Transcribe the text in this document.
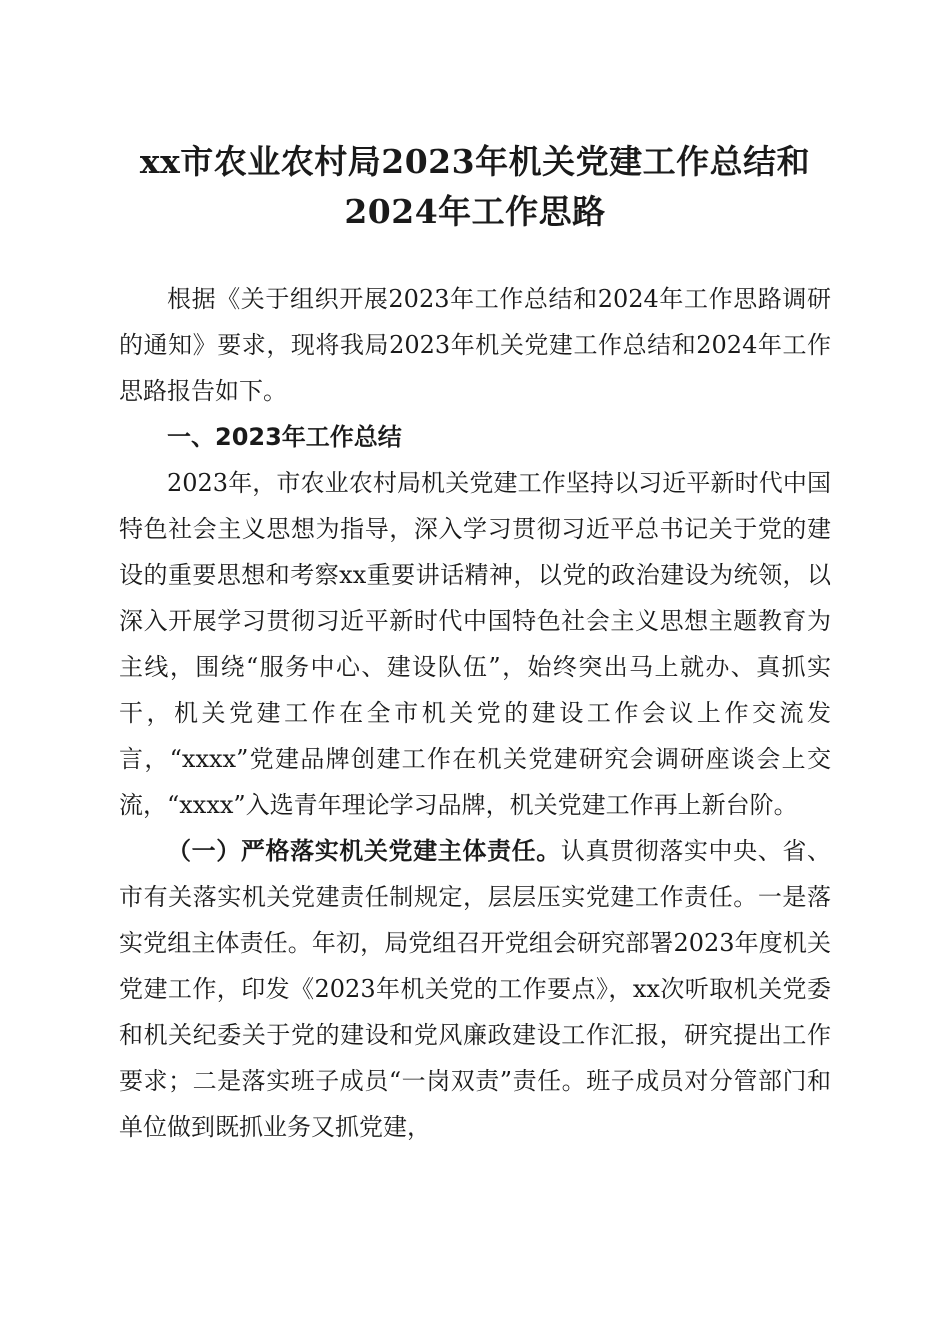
xx市农业农村局2023年机关党建工作总结和
2024年工作思路

根据《关于组织开展2023年工作总结和2024年工作思路调研的通知》要求，现将我局2023年机关党建工作总结和2024年工作思路报告如下。

一、2023年工作总结

2023年，市农业农村局机关党建工作坚持以习近平新时代中国特色社会主义思想为指导，深入学习贯彻习近平总书记关于党的建设的重要思想和考察xx重要讲话精神，以党的政治建设为统领，以深入开展学习贯彻习近平新时代中国特色社会主义思想主题教育为主线，围绕“服务中心、建设队伍”，始终突出马上就办、真抓实干，机关党建工作在全市机关党的建设工作会议上作交流发言，“xxxx”党建品牌创建工作在机关党建研究会调研座谈会上交流，“xxxx”入选青年理论学习品牌，机关党建工作再上新台阶。

（一）严格落实机关党建主体责任。认真贯彻落实中央、省、市有关落实机关党建责任制规定，层层压实党建工作责任。一是落实党组主体责任。年初，局党组召开党组会研究部署2023年度机关党建工作，印发《2023年机关党的工作要点》，xx次听取机关党委和机关纪委关于党的建设和党风廉政建设工作汇报，研究提出工作要求；二是落实班子成员“一岗双责”责任。班子成员对分管部门和单位做到既抓业务又抓党建，
